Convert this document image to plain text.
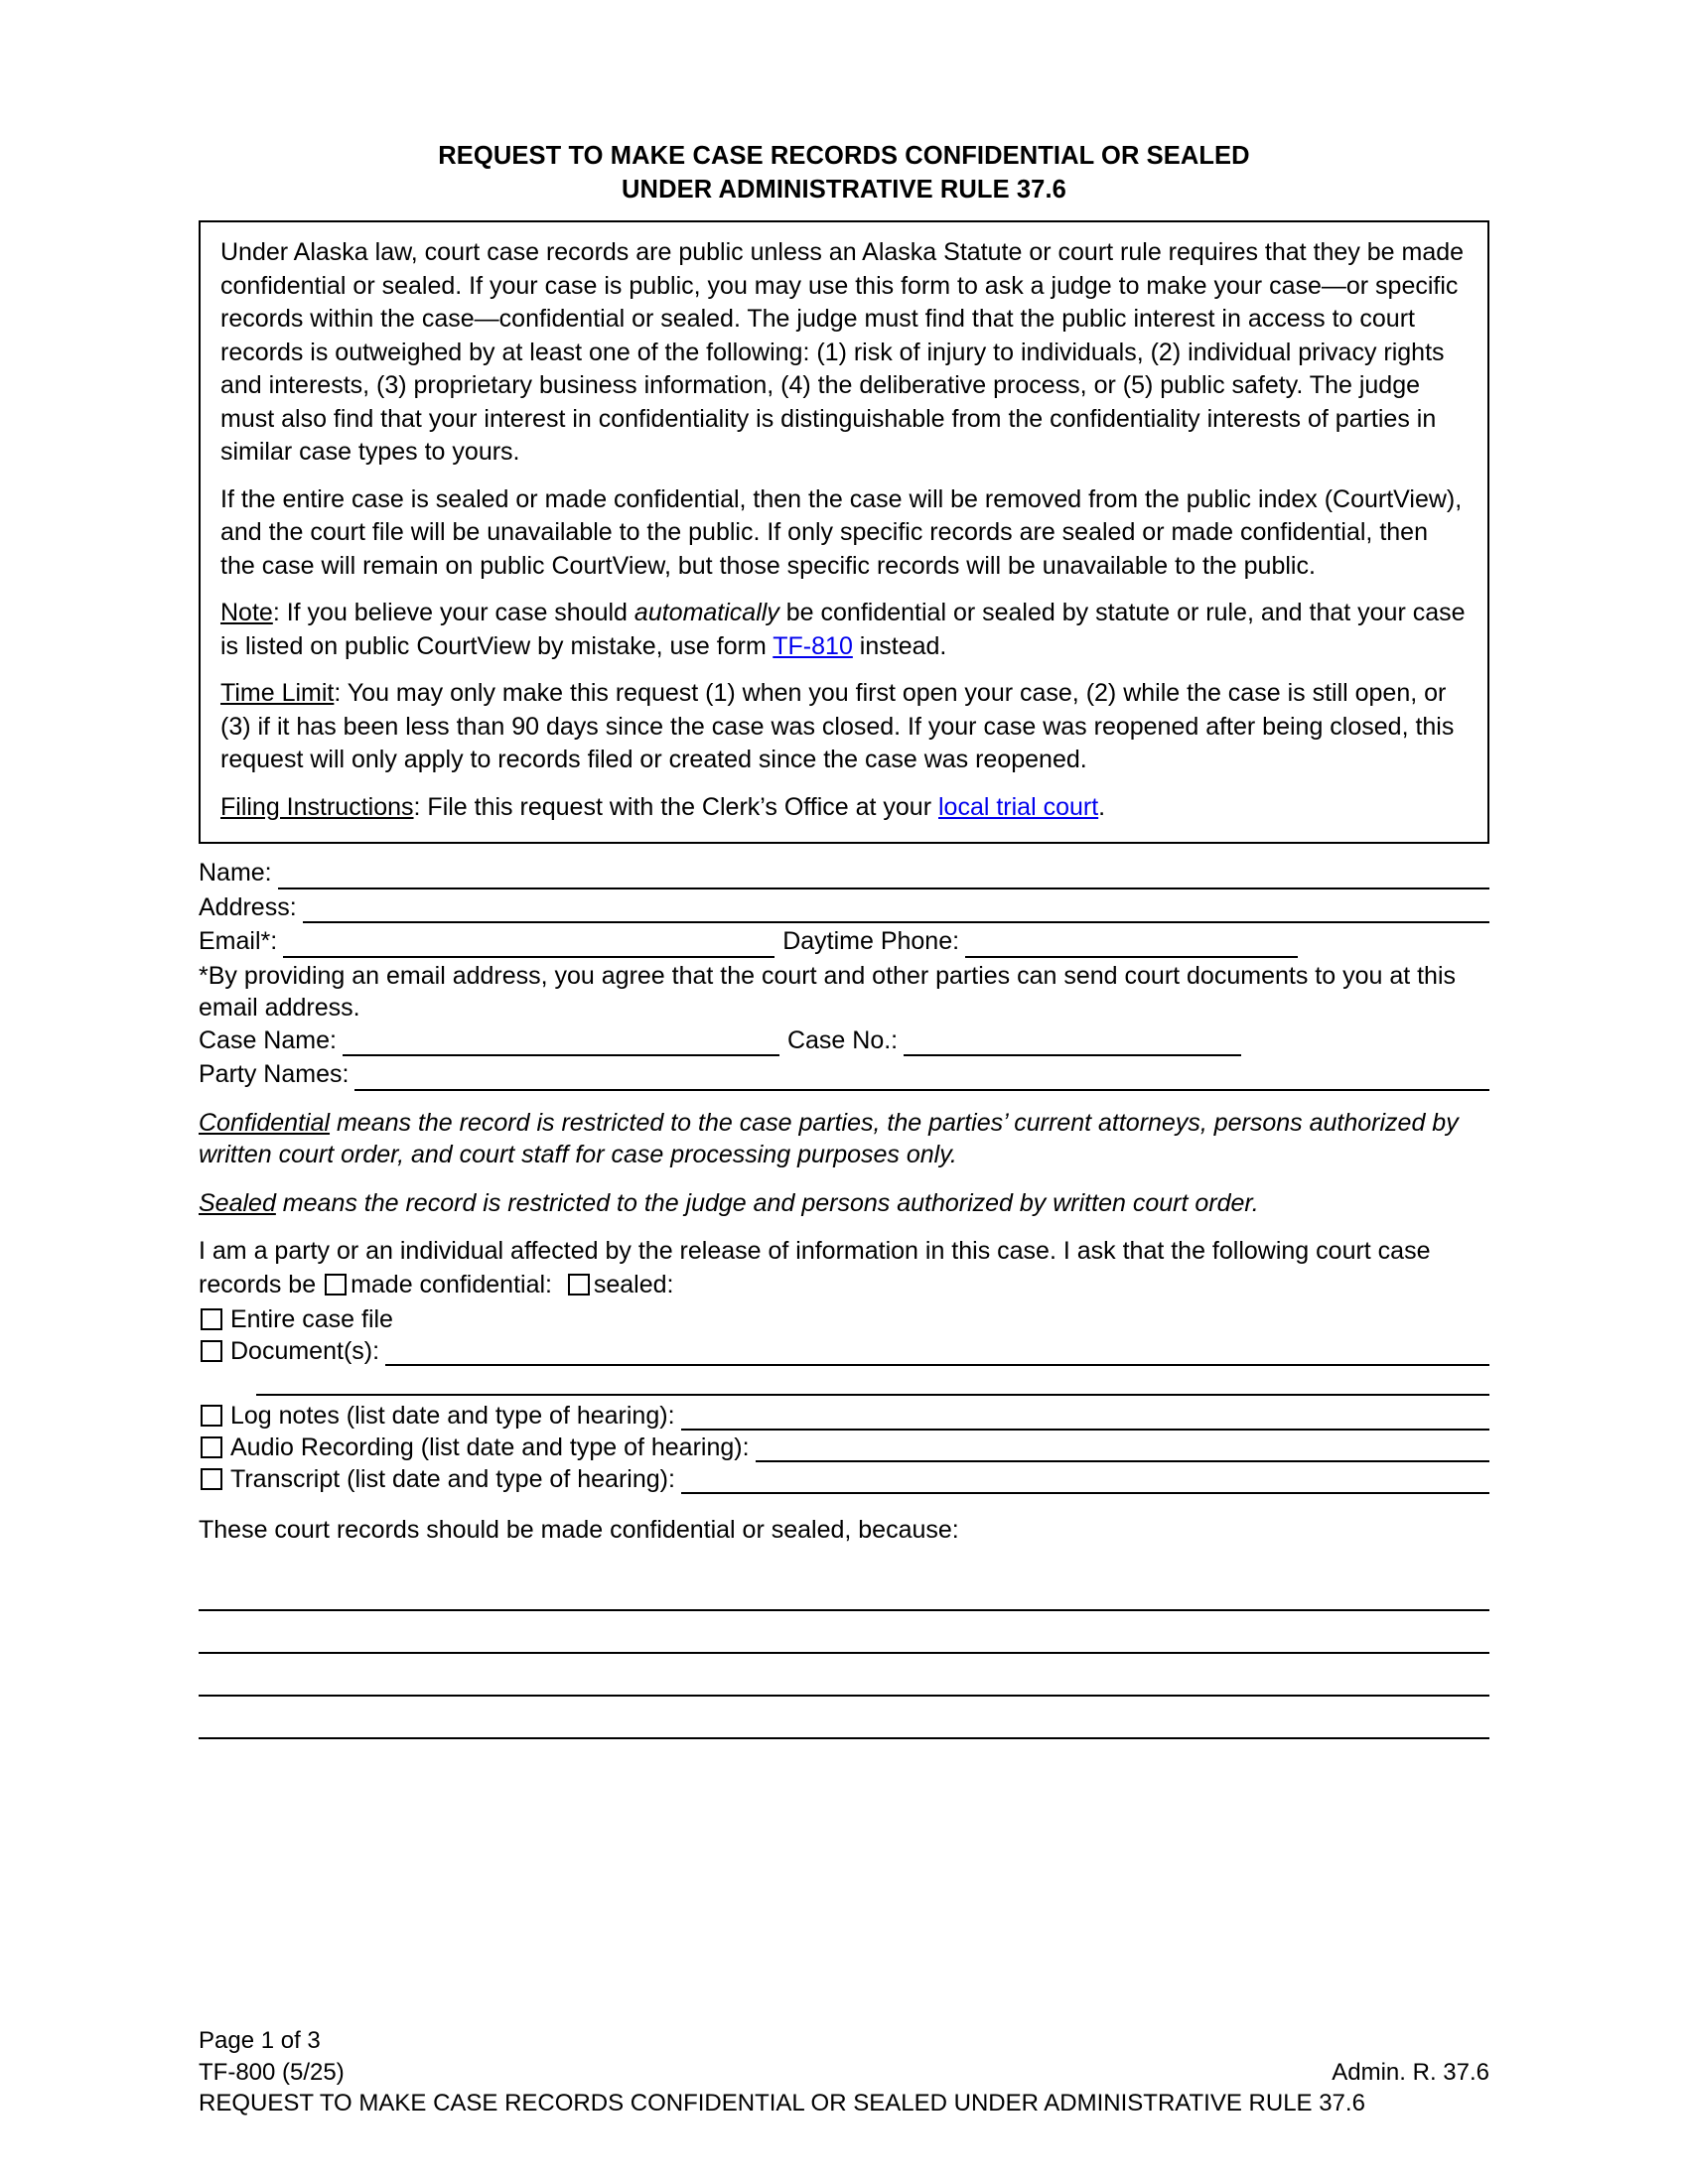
REQUEST TO MAKE CASE RECORDS CONFIDENTIAL OR SEALED
UNDER ADMINISTRATIVE RULE 37.6

Under Alaska law, court case records are public unless an Alaska Statute or court rule requires that they be made confidential or sealed. If your case is public, you may use this form to ask a judge to make your case—or specific records within the case—confidential or sealed. The judge must find that the public interest in access to court records is outweighed by at least one of the following: (1) risk of injury to individuals, (2) individual privacy rights and interests, (3) proprietary business information, (4) the deliberative process, or (5) public safety. The judge must also find that your interest in confidentiality is distinguishable from the confidentiality interests of parties in similar case types to yours.

If the entire case is sealed or made confidential, then the case will be removed from the public index (CourtView), and the court file will be unavailable to the public. If only specific records are sealed or made confidential, then the case will remain on public CourtView, but those specific records will be unavailable to the public.

Note: If you believe your case should automatically be confidential or sealed by statute or rule, and that your case is listed on public CourtView by mistake, use form TF-810 instead.

Time Limit: You may only make this request (1) when you first open your case, (2) while the case is still open, or (3) if it has been less than 90 days since the case was closed. If your case was reopened after being closed, this request will only apply to records filed or created since the case was reopened.

Filing Instructions: File this request with the Clerk’s Office at your local trial court.

Name:
Address:
Email*:	Daytime Phone:

*By providing an email address, you agree that the court and other parties can send court documents to you at this email address.

Case Name:	Case No.:
Party Names:

Confidential means the record is restricted to the case parties, the parties’ current attorneys, persons authorized by written court order, and court staff for case processing purposes only.

Sealed means the record is restricted to the judge and persons authorized by written court order.

I am a party or an individual affected by the release of information in this case. I ask that the following court case records be made confidential: sealed:

Entire case file
Document(s):
Log notes (list date and type of hearing):
Audio Recording (list date and type of hearing):
Transcript (list date and type of hearing):

These court records should be made confidential or sealed, because:

Page 1 of 3
TF-800 (5/25)	Admin. R. 37.6
REQUEST TO MAKE CASE RECORDS CONFIDENTIAL OR SEALED UNDER ADMINISTRATIVE RULE 37.6
